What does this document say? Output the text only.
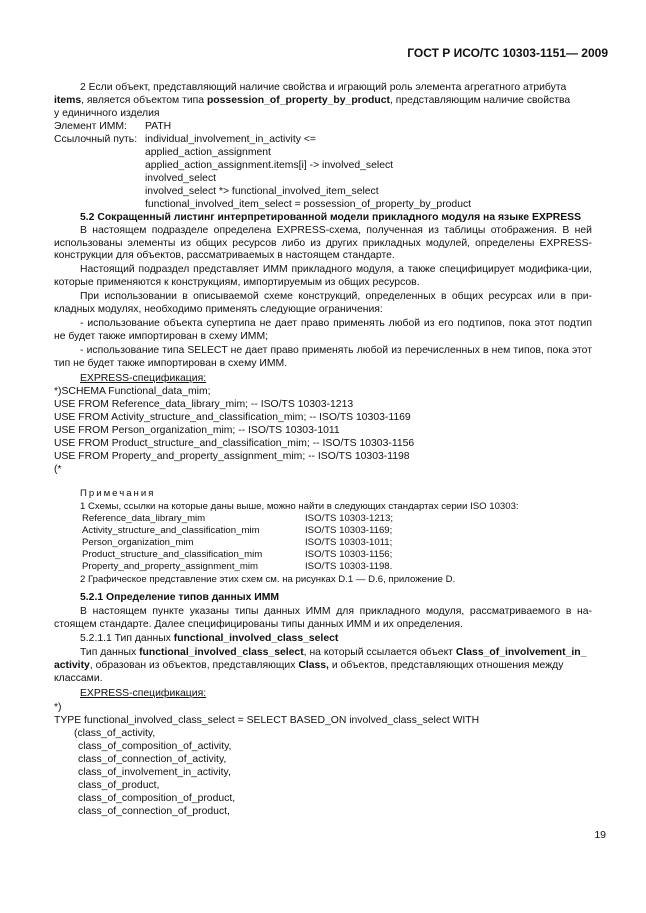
ГОСТ Р ИСО/ТС 10303-1151— 2009
2 Если объект, представляющий наличие свойства и играющий роль элемента агрегатного атрибута
items, является объектом типа possession_of_property_by_product, представляющим наличие свойства
у единичного изделия
Элемент ИММ: PATH
Ссылочный путь: individual_involvement_in_activity <=
applied_action_assignment
applied_action_assignment.items[i] -> involved_select
involved_select
involved_select *> functional_involved_item_select
functional_involved_item_select = possession_of_property_by_product
5.2 Сокращенный листинг интерпретированной модели прикладного модуля на языке EXPRESS
В настоящем подразделе определена EXPRESS-схема, полученная из таблицы отображения. В ней использованы элементы из общих ресурсов либо из других прикладных модулей, определены EXPRESS-конструкции для объектов, рассматриваемых в настоящем стандарте.
Настоящий подраздел представляет ИММ прикладного модуля, а также специфицирует модифика-ции, которые применяются к конструкциям, импортируемым из общих ресурсов.
При использовании в описываемой схеме конструкций, определенных в общих ресурсах или в при-кладных модулях, необходимо применять следующие ограничения:
- использование объекта супертипа не дает право применять любой из его подтипов, пока этот подтип не будет также импортирован в схему ИММ;
- использование типа SELECT не дает право применять любой из перечисленных в нем типов, пока этот тип не будет также импортирован в схему ИММ.
EXPRESS-спецификация:
*)SCHEMA Functional_data_mim;
USE FROM Reference_data_library_mim; -- ISO/TS 10303-1213
USE FROM Activity_structure_and_classification_mim; -- ISO/TS 10303-1169
USE FROM Person_organization_mim; -- ISO/TS 10303-1011
USE FROM Product_structure_and_classification_mim; -- ISO/TS 10303-1156
USE FROM Property_and_property_assignment_mim; -- ISO/TS 10303-1198
(*
Примечания
1 Схемы, ссылки на которые даны выше, можно найти в следующих стандартах серии ISO 10303:
Reference_data_library_mim	ISO/TS 10303-1213;
Activity_structure_and_classification_mim	ISO/TS 10303-1169;
Person_organization_mim	ISO/TS 10303-1011;
Product_structure_and_classification_mim	ISO/TS 10303-1156;
Property_and_property_assignment_mim	ISO/TS 10303-1198.
2 Графическое представление этих схем см. на рисунках D.1 — D.6, приложение D.
5.2.1 Определение типов данных ИММ
В настоящем пункте указаны типы данных ИММ для прикладного модуля, рассматриваемого в на-стоящем стандарте. Далее специфицированы типы данных ИММ и их определения.
5.2.1.1 Тип данных functional_involved_class_select
Тип данных functional_involved_class_select, на который ссылается объект Class_of_involvement_in_
activity, образован из объектов, представляющих Class, и объектов, представляющих отношения между
классами.
EXPRESS-спецификация:
*)
TYPE functional_involved_class_select = SELECT BASED_ON involved_class_select WITH
(class_of_activity,
class_of_composition_of_activity,
class_of_connection_of_activity,
class_of_involvement_in_activity,
class_of_product,
class_of_composition_of_product,
class_of_connection_of_product,
19
